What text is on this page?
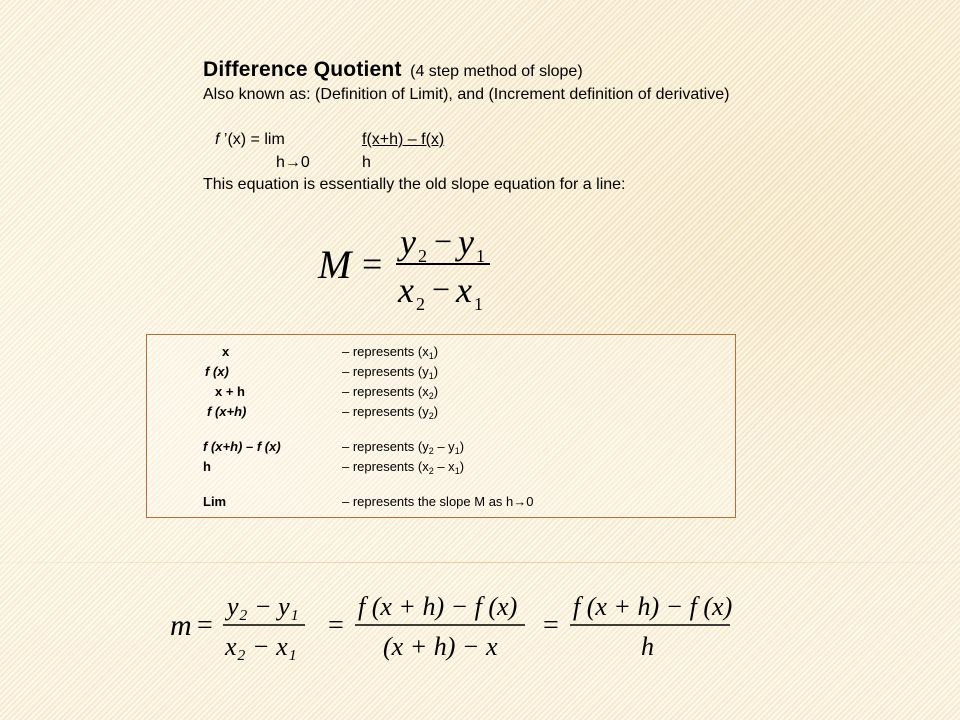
Difference Quotient (4 step method of slope)
Also known as: (Definition of Limit), and (Increment definition of derivative)
f ’(x) = lim	f(x+h) – f(x)
h→0	h
This equation is essentially the old slope equation for a line:
M =
y 2 − y 1
x 2 − x 1
x	– represents $(x_1)$
f (x)	– represents $(y_1)$
x + h	– represents $(x_2)$
f (x+h)	– represents $(y_2)$
f (x+h) – f (x)	– represents $(y_2 - y_1)$
h	– represents $(x_2 - x_1)$
Lim	– represents the slope M as h→0
m =
y₂ − y₁
x₂ − x₁
=
f (x + h) − f (x)
(x + h) − x
=
f (x + h) − f (x)
h
